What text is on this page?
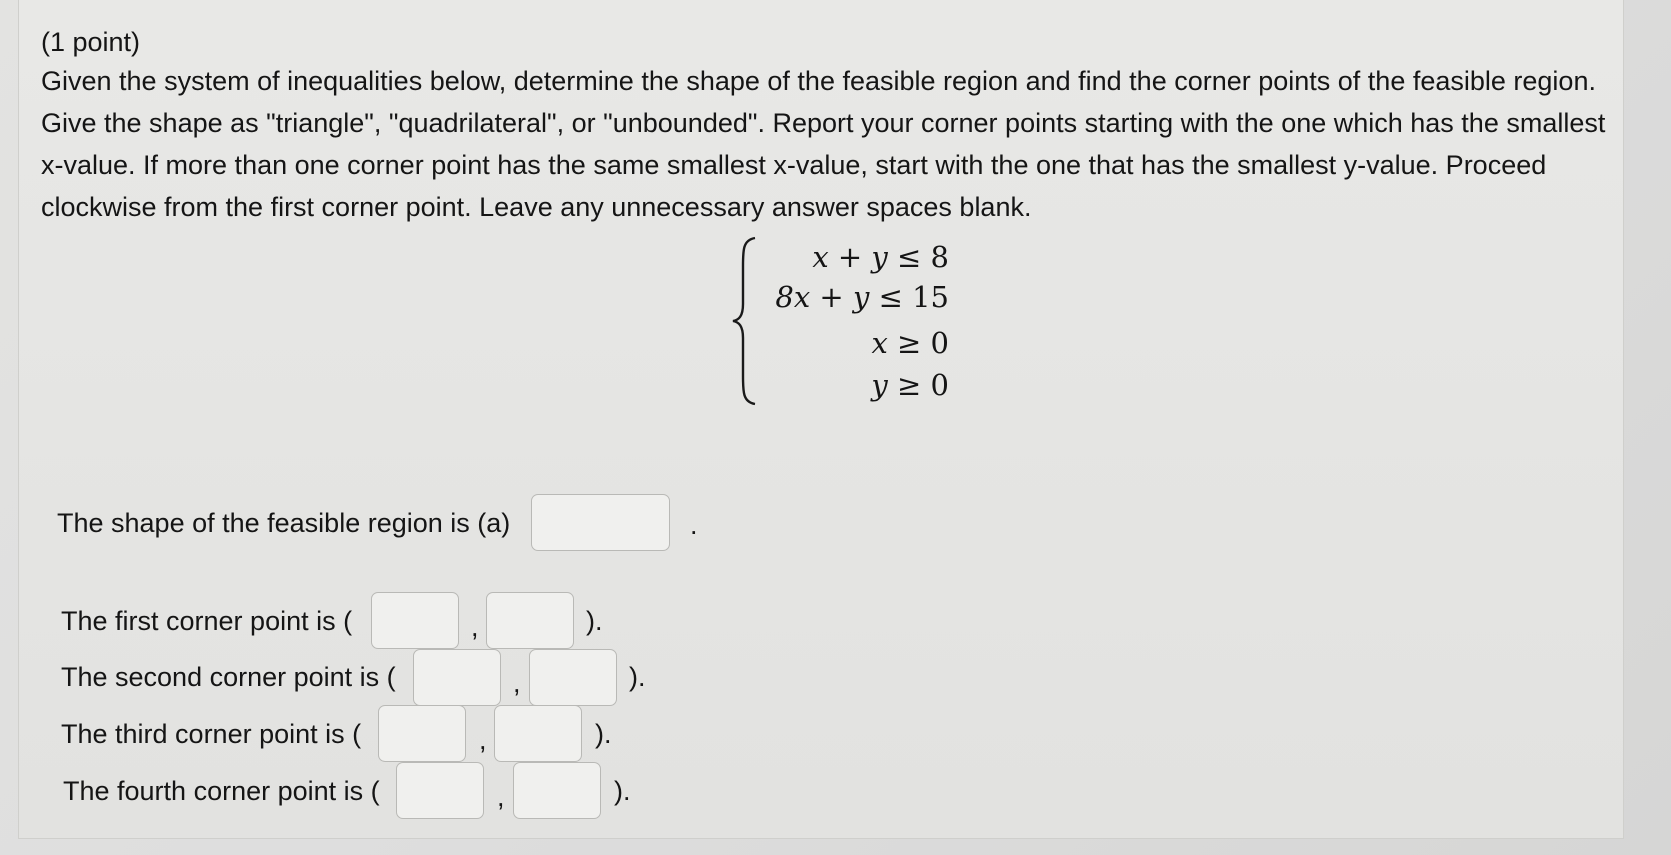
(1 point)
Given the system of inequalities below, determine the shape of the feasible region and find the corner points of the feasible region. Give the shape as "triangle", "quadrilateral", or "unbounded". Report your corner points starting with the one which has the smallest x-value. If more than one corner point has the same smallest x-value, start with the one that has the smallest y-value. Proceed clockwise from the first corner point. Leave any unnecessary answer spaces blank.
x + y ≤ 8
8x + y ≤ 15
x ≥ 0
y ≥ 0
The shape of the feasible region is (a)	.
The first corner point is (	,	).
The second corner point is (	,	).
The third corner point is (	,	).
The fourth corner point is (	,	).
